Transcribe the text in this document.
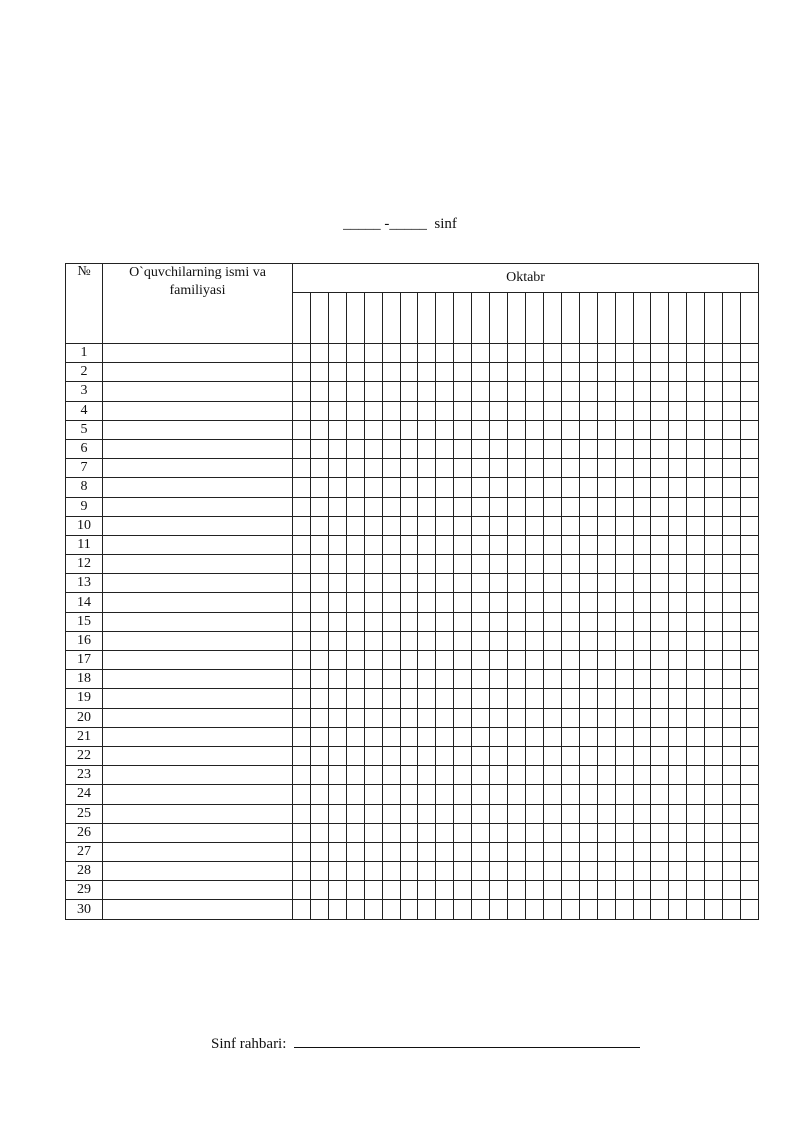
_____ -_____  sinf
№	O`quvchilarning ismi va familiyasi	Oktabr																									

1																											
2																											
3																											
4																											
5																											
6																											
7																											
8																											
9																											
10																											
11																											
12																											
13																											
14																											
15																											
16																											
17																											
18																											
19																											
20																											
21																											
22																											
23																											
24																											
25																											
26																											
27																											
28																											
29																											
30																											
Sinf rahbari:
